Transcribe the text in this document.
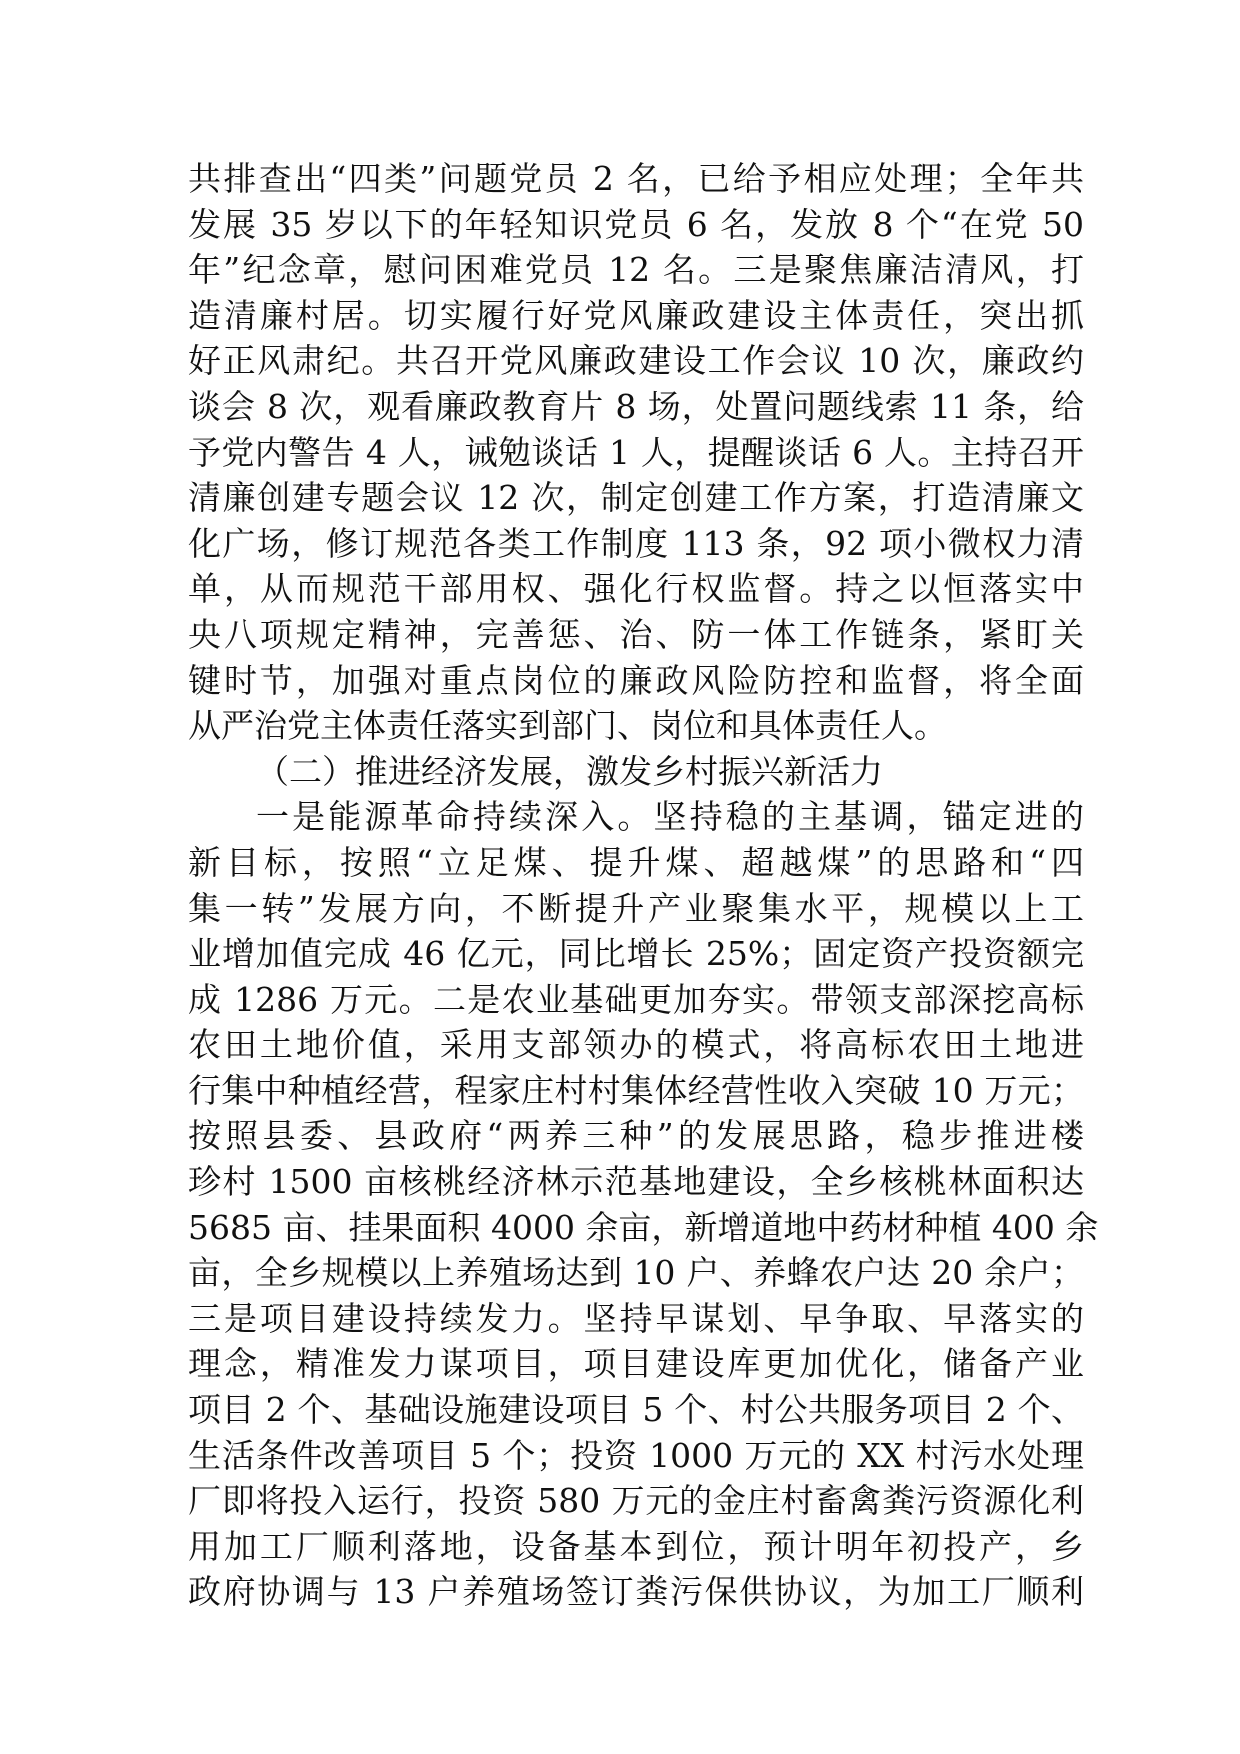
共排查出“四类”问题党员 2 名，已给予相应处理；全年共
发展 35 岁以下的年轻知识党员 6 名，发放 8 个“在党 50
年”纪念章，慰问困难党员 12 名。三是聚焦廉洁清风，打
造清廉村居。切实履行好党风廉政建设主体责任，突出抓
好正风肃纪。共召开党风廉政建设工作会议 10 次，廉政约
谈会 8 次，观看廉政教育片 8 场，处置问题线索 11 条，给
予党内警告 4 人，诫勉谈话 1 人，提醒谈话 6 人。主持召开
清廉创建专题会议 12 次，制定创建工作方案，打造清廉文
化广场，修订规范各类工作制度 113 条，92 项小微权力清
单，从而规范干部用权、强化行权监督。持之以恒落实中
央八项规定精神，完善惩、治、防一体工作链条，紧盯关
键时节，加强对重点岗位的廉政风险防控和监督，将全面
从严治党主体责任落实到部门、岗位和具体责任人。
（二）推进经济发展，激发乡村振兴新活力
一是能源革命持续深入。坚持稳的主基调，锚定进的
新目标，按照“立足煤、提升煤、超越煤”的思路和“四
集一转”发展方向，不断提升产业聚集水平，规模以上工
业增加值完成 46 亿元，同比增长 25%；固定资产投资额完
成 1286 万元。二是农业基础更加夯实。带领支部深挖高标
农田土地价值，采用支部领办的模式，将高标农田土地进
行集中种植经营，程家庄村村集体经营性收入突破 10 万元；
按照县委、县政府“两养三种”的发展思路，稳步推进楼
珍村 1500 亩核桃经济林示范基地建设，全乡核桃林面积达
5685 亩、挂果面积 4000 余亩，新增道地中药材种植 400 余
亩，全乡规模以上养殖场达到 10 户、养蜂农户达 20 余户；
三是项目建设持续发力。坚持早谋划、早争取、早落实的
理念，精准发力谋项目，项目建设库更加优化，储备产业
项目 2 个、基础设施建设项目 5 个、村公共服务项目 2 个、
生活条件改善项目 5 个；投资 1000 万元的 XX 村污水处理
厂即将投入运行，投资 580 万元的金庄村畜禽粪污资源化利
用加工厂顺利落地，设备基本到位，预计明年初投产，乡
政府协调与 13 户养殖场签订粪污保供协议，为加工厂顺利
